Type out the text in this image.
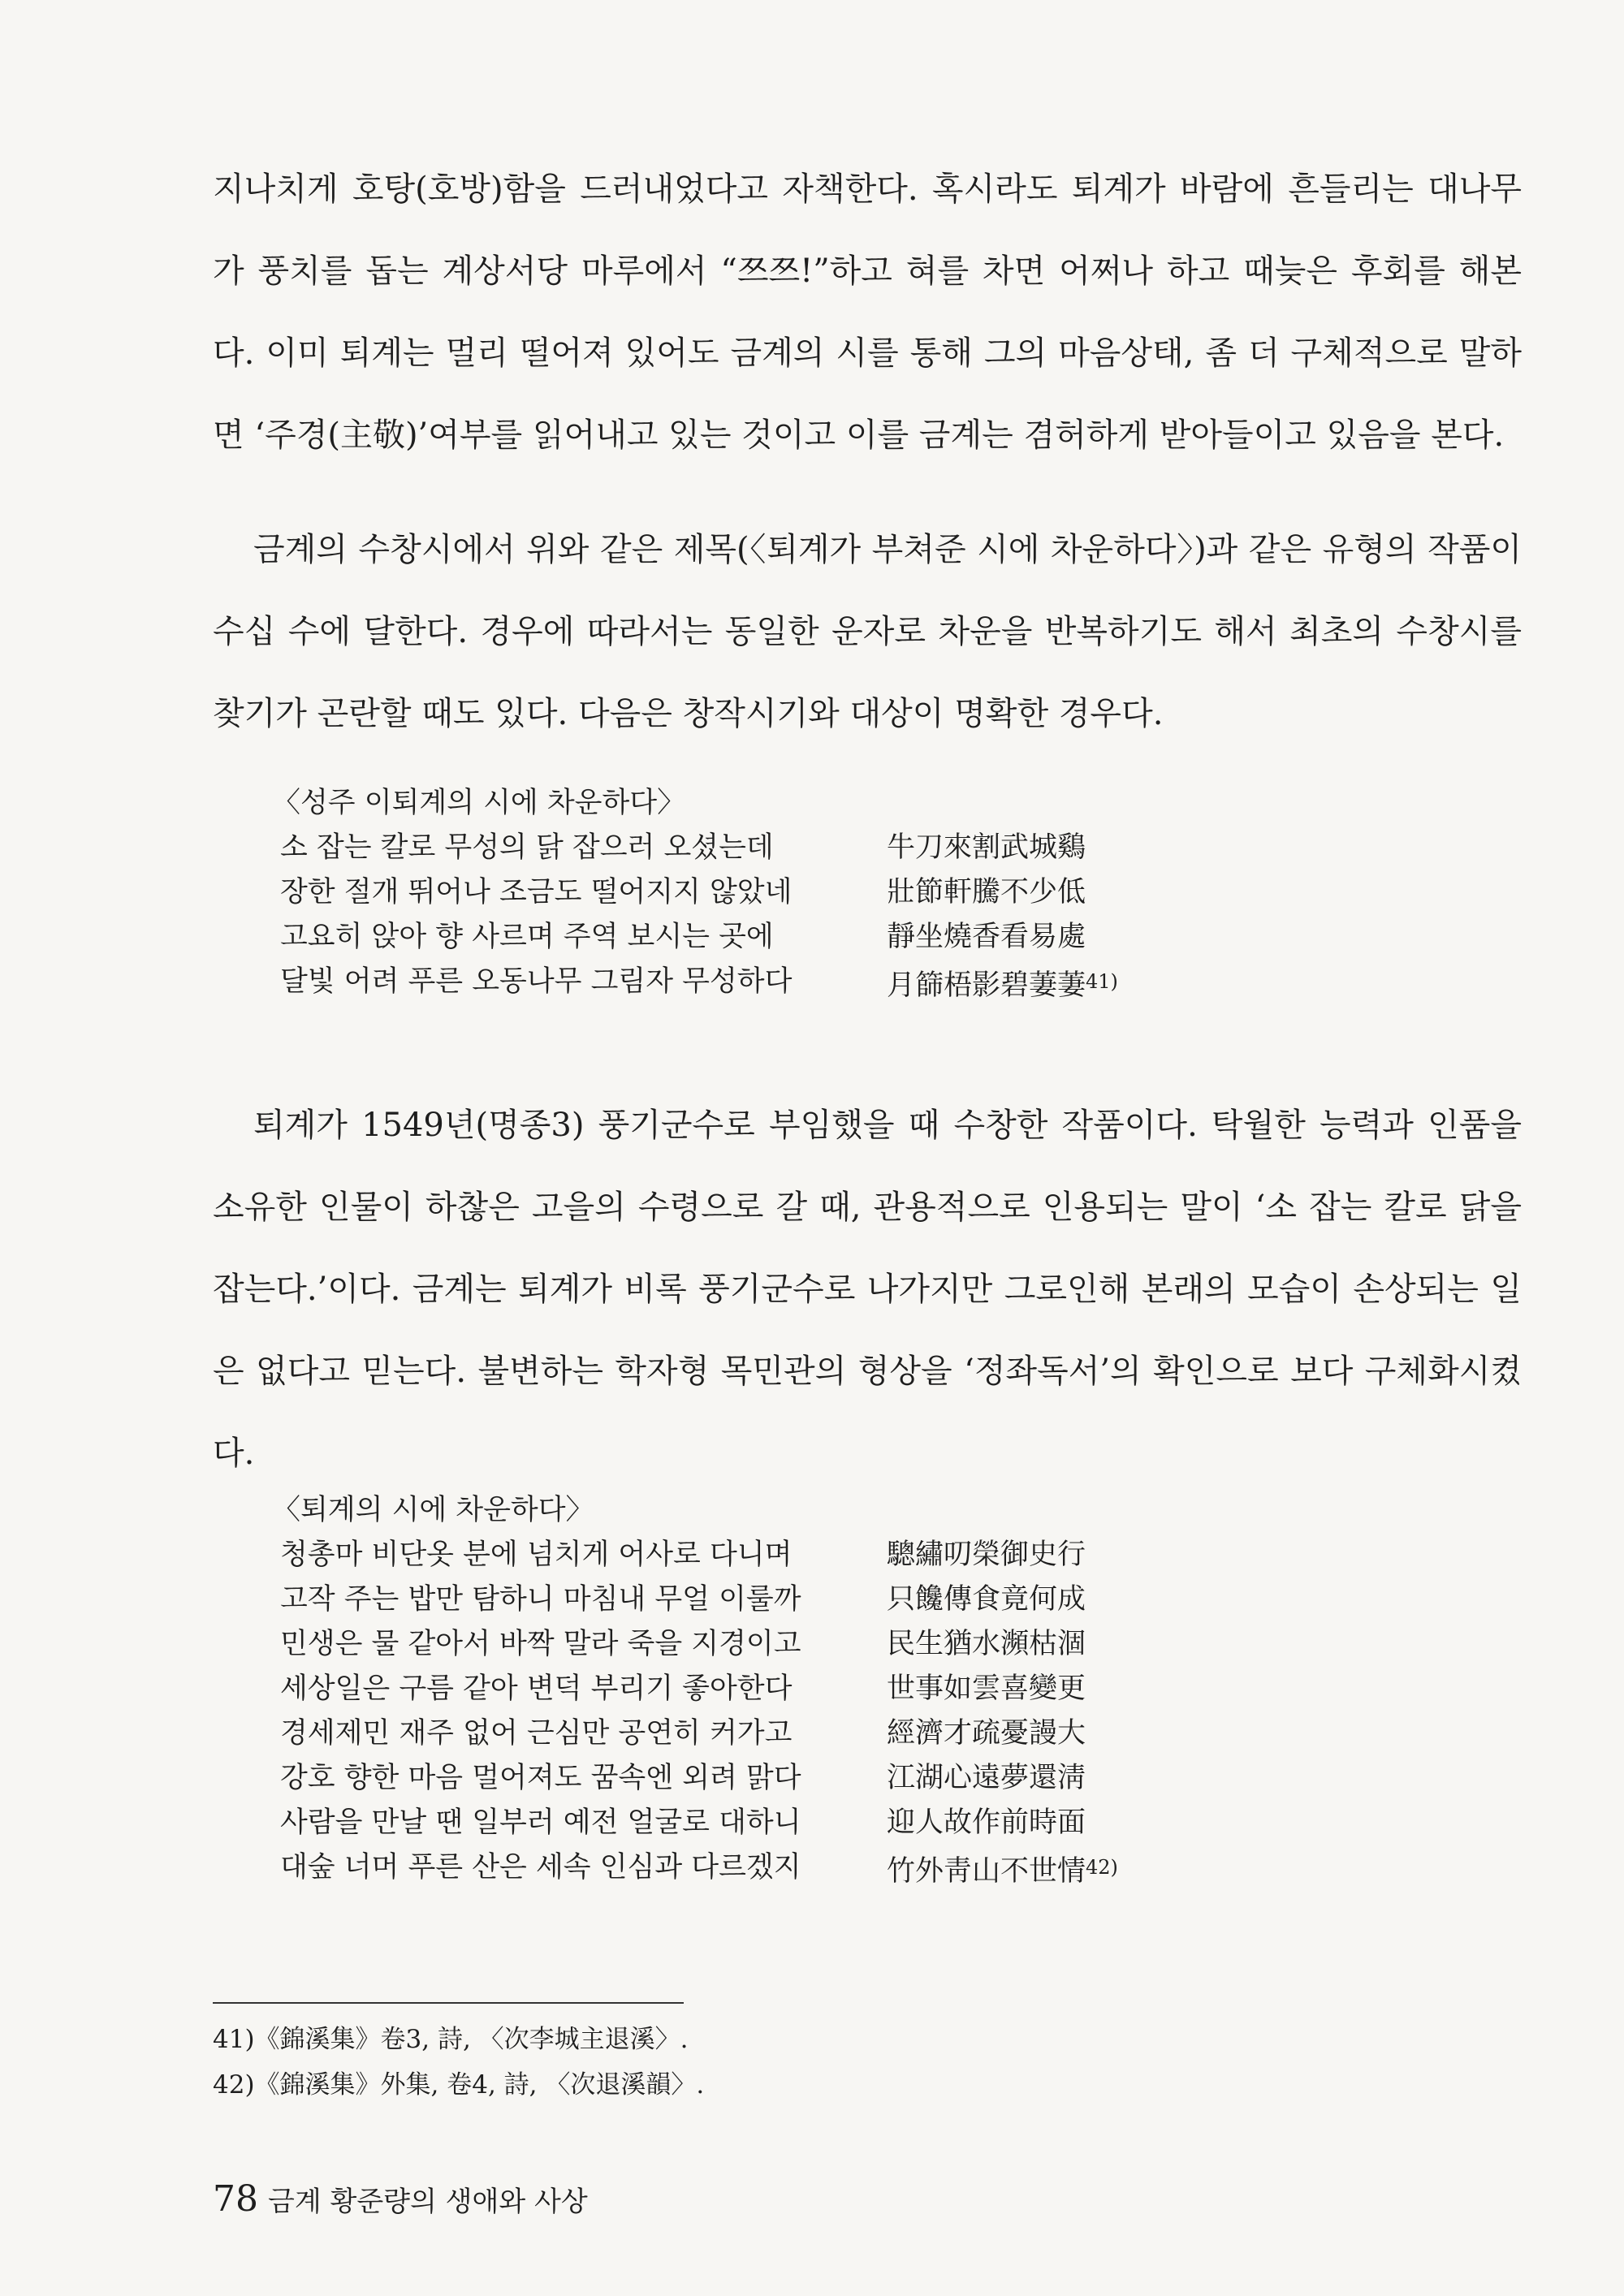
지나치게 호탕(호방)함을 드러내었다고 자책한다. 혹시라도 퇴계가 바람에 흔들리는 대나무가 풍치를 돕는 계상서당 마루에서 “쯔쯔!”하고 혀를 차면 어쩌나 하고 때늦은 후회를 해본다. 이미 퇴계는 멀리 떨어져 있어도 금계의 시를 통해 그의 마음상태, 좀 더 구체적으로 말하면 ‘주경(主敬)’여부를 읽어내고 있는 것이고 이를 금계는 겸허하게 받아들이고 있음을 본다.

금계의 수창시에서 위와 같은 제목(〈퇴계가 부쳐준 시에 차운하다〉)과 같은 유형의 작품이 수십 수에 달한다. 경우에 따라서는 동일한 운자로 차운을 반복하기도 해서 최초의 수창시를 찾기가 곤란할 때도 있다. 다음은 창작시기와 대상이 명확한 경우다.

〈성주 이퇴계의 시에 차운하다〉
소 잡는 칼로 무성의 닭 잡으러 오셨는데	牛刀來割武城鷄
장한 절개 뛰어나 조금도 떨어지지 않았네	壯節軒騰不少低
고요히 앉아 향 사르며 주역 보시는 곳에	靜坐燒香看易處
달빛 어려 푸른 오동나무 그림자 무성하다	月篩梧影碧萋萋$^{41)}$

퇴계가 1549년(명종3) 풍기군수로 부임했을 때 수창한 작품이다. 탁월한 능력과 인품을 소유한 인물이 하찮은 고을의 수령으로 갈 때, 관용적으로 인용되는 말이 ‘소 잡는 칼로 닭을 잡는다.’이다. 금계는 퇴계가 비록 풍기군수로 나가지만 그로인해 본래의 모습이 손상되는 일은 없다고 믿는다. 불변하는 학자형 목민관의 형상을 ‘정좌독서’의 확인으로 보다 구체화시켰다.

〈퇴계의 시에 차운하다〉
청총마 비단옷 분에 넘치게 어사로 다니며	驄繡叨榮御史行
고작 주는 밥만 탐하니 마침내 무얼 이룰까	只饞傳食竟何成
민생은 물 같아서 바짝 말라 죽을 지경이고	民生猶水瀕枯涸
세상일은 구름 같아 변덕 부리기 좋아한다	世事如雲喜變更
경세제민 재주 없어 근심만 공연히 커가고	經濟才疏憂謾大
강호 향한 마음 멀어져도 꿈속엔 외려 맑다	江湖心遠夢還淸
사람을 만날 땐 일부러 예전 얼굴로 대하니	迎人故作前時面
대숲 너머 푸른 산은 세속 인심과 다르겠지	竹外靑山不世情$^{42)}$
41)《錦溪集》卷3, 詩, 〈次李城主退溪〉.
42)《錦溪集》外集, 卷4, 詩, 〈次退溪韻〉.
78 금계 황준량의 생애와 사상
